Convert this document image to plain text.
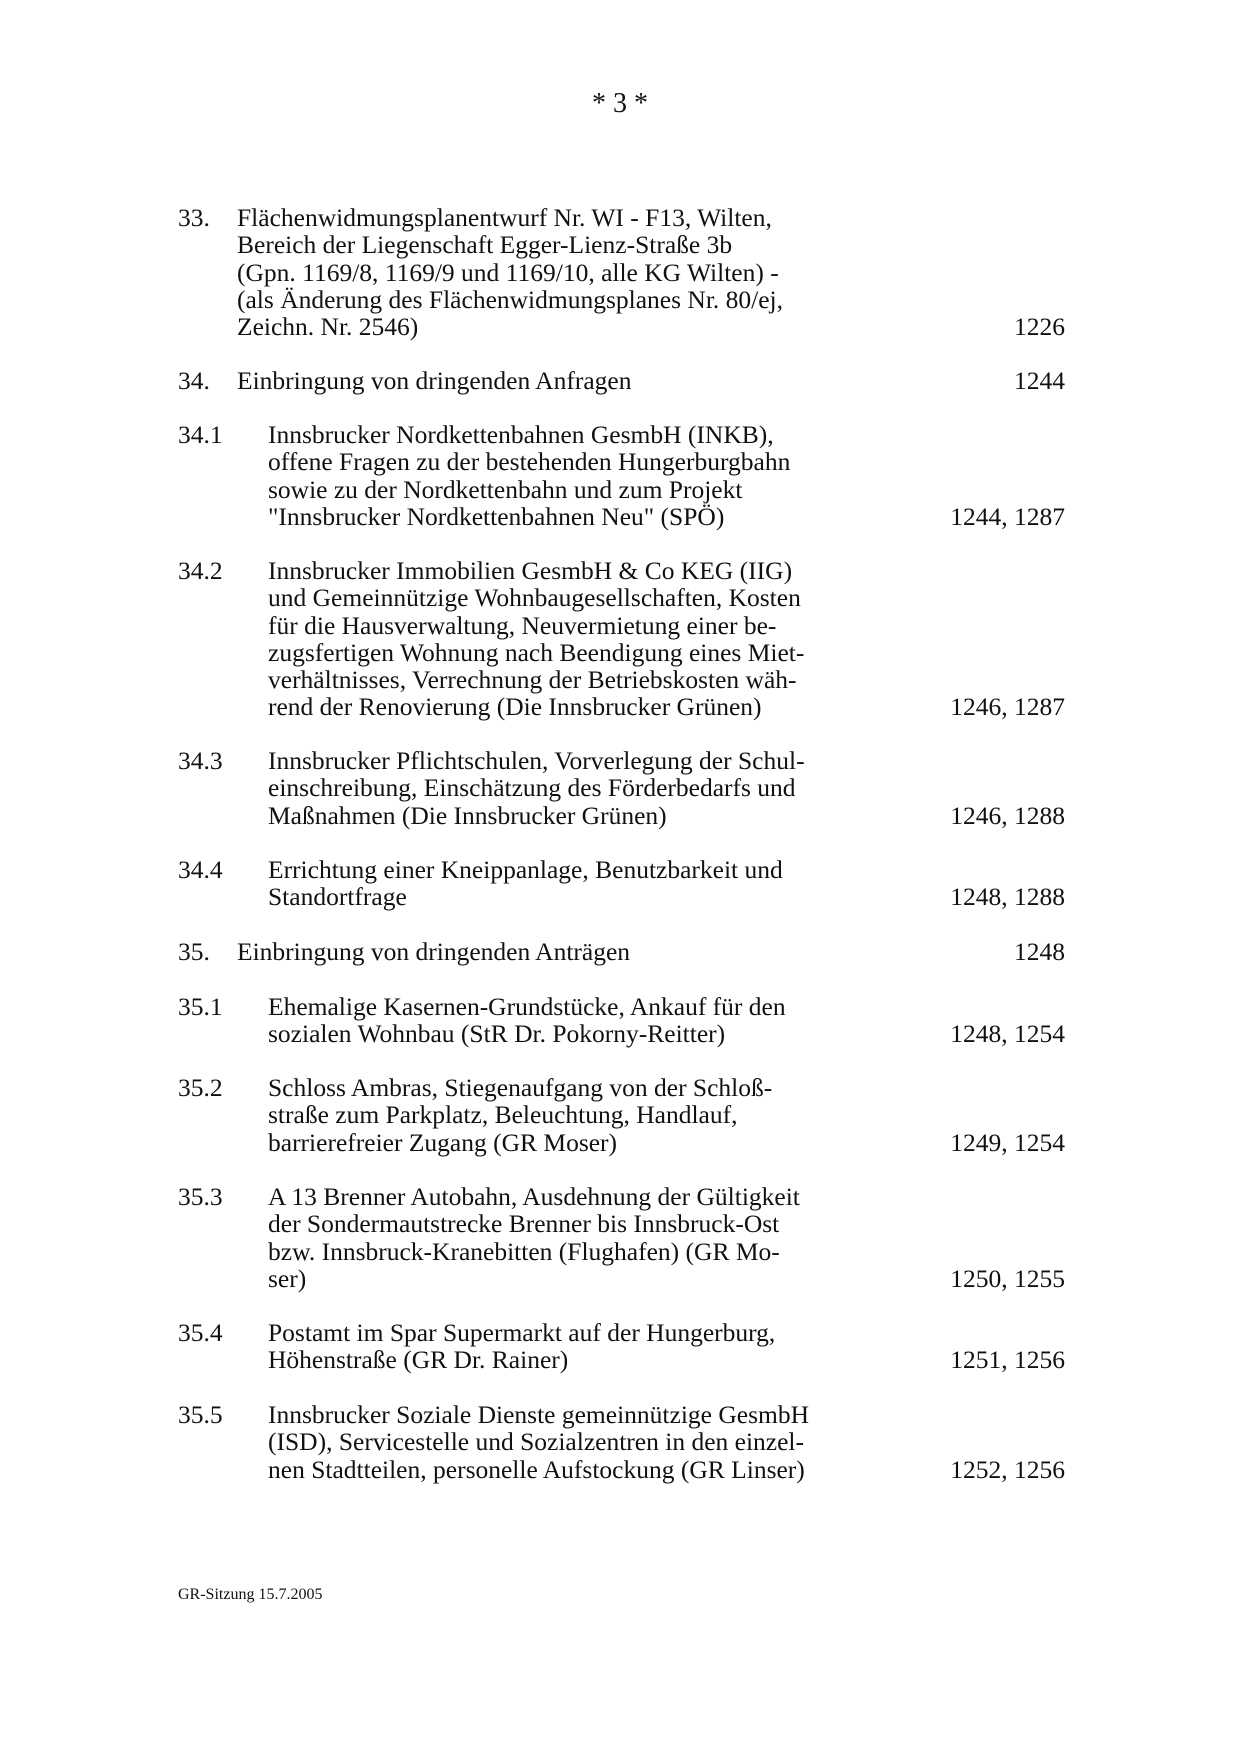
* 3 *
33. Flächenwidmungsplanentwurf Nr. WI - F13, Wilten,
Bereich der Liegenschaft Egger-Lienz-Straße 3b
(Gpn. 1169/8, 1169/9 und 1169/10, alle KG Wilten) -
(als Änderung des Flächenwidmungsplanes Nr. 80/ej,
Zeichn. Nr. 2546)	1226
34. Einbringung von dringenden Anfragen	1244
34.1 Innsbrucker Nordkettenbahnen GesmbH (INKB),
offene Fragen zu der bestehenden Hungerburgbahn
sowie zu der Nordkettenbahn und zum Projekt
"Innsbrucker Nordkettenbahnen Neu" (SPÖ)	1244, 1287
34.2 Innsbrucker Immobilien GesmbH & Co KEG (IIG)
und Gemeinnützige Wohnbaugesellschaften, Kosten
für die Hausverwaltung, Neuvermietung einer be-
zugsfertigen Wohnung nach Beendigung eines Miet-
verhältnisses, Verrechnung der Betriebskosten wäh-
rend der Renovierung (Die Innsbrucker Grünen)	1246, 1287
34.3 Innsbrucker Pflichtschulen, Vorverlegung der Schul-
einschreibung, Einschätzung des Förderbedarfs und
Maßnahmen (Die Innsbrucker Grünen)	1246, 1288
34.4 Errichtung einer Kneippanlage, Benutzbarkeit und
Standortfrage	1248, 1288
35. Einbringung von dringenden Anträgen	1248
35.1 Ehemalige Kasernen-Grundstücke, Ankauf für den
sozialen Wohnbau (StR Dr. Pokorny-Reitter)	1248, 1254
35.2 Schloss Ambras, Stiegenaufgang von der Schloß-
straße zum Parkplatz, Beleuchtung, Handlauf,
barrierefreier Zugang (GR Moser)	1249, 1254
35.3 A 13 Brenner Autobahn, Ausdehnung der Gültigkeit
der Sondermautstrecke Brenner bis Innsbruck-Ost
bzw. Innsbruck-Kranebitten (Flughafen) (GR Mo-
ser)	1250, 1255
35.4 Postamt im Spar Supermarkt auf der Hungerburg,
Höhenstraße (GR Dr. Rainer)	1251, 1256
35.5 Innsbrucker Soziale Dienste gemeinnützige GesmbH
(ISD), Servicestelle und Sozialzentren in den einzel-
nen Stadtteilen, personelle Aufstockung (GR Linser)	1252, 1256
GR-Sitzung 15.7.2005
